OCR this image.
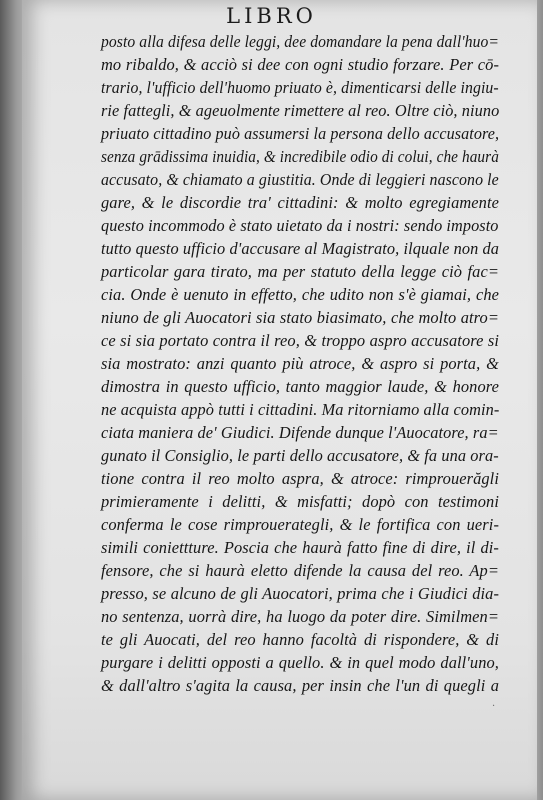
LIBRO
posto alla difesa delle leggi, dee domandare la pena dall'huo=
mo ribaldo, & acciò si dee con ogni studio forzare. Per cō-
trario, l'ufficio dell'huomo priuato è, dimenticarsi delle ingiu-
rie fattegli, & ageuolmente rimettere al reo. Oltre ciò, niuno
priuato cittadino può assumersi la persona dello accusatore,
senza grādissima inuidia, & incredibile odio di colui, che haurà
accusato, & chiamato a giustitia. Onde di leggieri nascono le
gare, & le discordie tra' cittadini: & molto egregiamente
questo incommodo è stato uietato da i nostri: sendo imposto
tutto questo ufficio d'accusare al Magistrato, ilquale non da
particolar gara tirato, ma per statuto della legge ciò fac=
cia. Onde è uenuto in effetto, che udito non s'è giamai, che
niuno de gli Auocatori sia stato biasimato, che molto atro=
ce si sia portato contra il reo, & troppo aspro accusatore si
sia mostrato: anzi quanto più atroce, & aspro si porta, &
dimostra in questo ufficio, tanto maggior laude, & honore
ne acquista appò tutti i cittadini. Ma ritorniamo alla comin-
ciata maniera de' Giudici. Difende dunque l'Auocatore, ra=
gunato il Consiglio, le parti dello accusatore, & fa una ora-
tione contra il reo molto aspra, & atroce: rimprouerăgli
primieramente i delitti, & misfatti; dopò con testimoni
conferma le cose rimprouerategli, & le fortifica con ueri-
simili coniettture. Poscia che haurà fatto fine di dire, il di-
fensore, che si haurà eletto difende la causa del reo. Ap=
presso, se alcuno de gli Auocatori, prima che i Giudici dia-
no sentenza, uorrà dire, ha luogo da poter dire. Similmen=
te gli Auocati, del reo hanno facoltà di rispondere, & di
purgare i delitti opposti a quello. & in quel modo dall'uno,
& dall'altro s'agita la causa, per insin che l'un di quegli a
·
